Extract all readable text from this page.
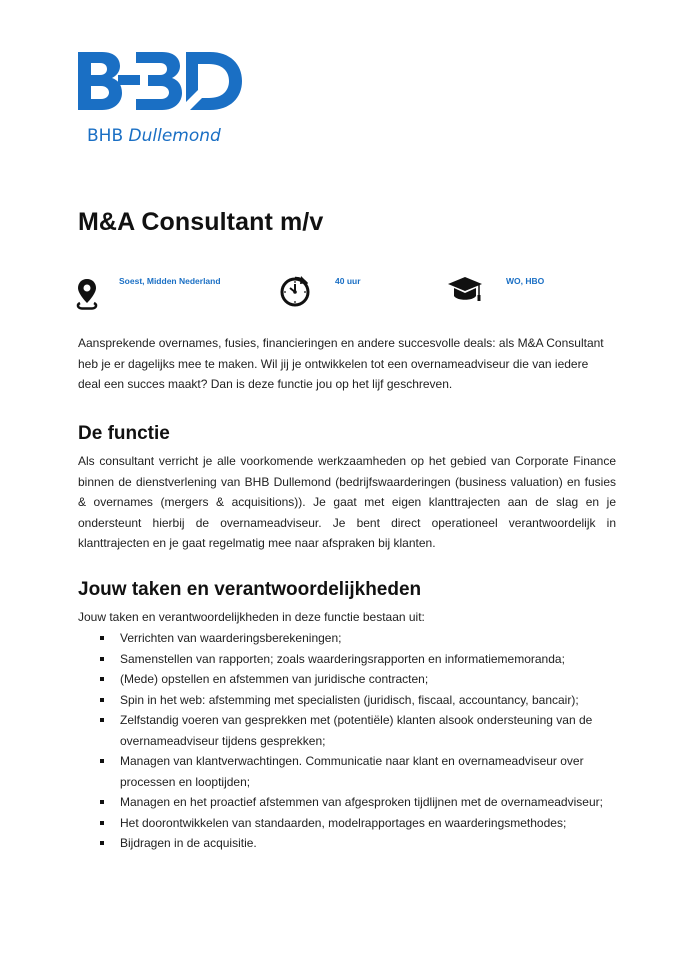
BHB Dullemond
M&A Consultant m/v
Soest, Midden Nederland	40 uur	WO, HBO

Aansprekende overnames, fusies, financieringen en andere succesvolle deals: als M&A Consultant heb je er dagelijks mee te maken. Wil jij je ontwikkelen tot een overnameadviseur die van iedere deal een succes maakt? Dan is deze functie jou op het lijf geschreven.

De functie

Als consultant verricht je alle voorkomende werkzaamheden op het gebied van Corporate Finance binnen de dienstverlening van BHB Dullemond (bedrijfswaarderingen (business valuation) en fusies & overnames (mergers & acquisitions)). Je gaat met eigen klanttrajecten aan de slag en je ondersteunt hierbij de overnameadviseur. Je bent direct operationeel verantwoordelijk in klanttrajecten en je gaat regelmatig mee naar afspraken bij klanten.

Jouw taken en verantwoordelijkheden

Jouw taken en verantwoordelijkheden in deze functie bestaan uit:

Verrichten van waarderingsberekeningen;
Samenstellen van rapporten; zoals waarderingsrapporten en informatiememoranda;
(Mede) opstellen en afstemmen van juridische contracten;
Spin in het web: afstemming met specialisten (juridisch, fiscaal, accountancy, bancair);
Zelfstandig voeren van gesprekken met (potentiële) klanten alsook ondersteuning van de overnameadviseur tijdens gesprekken;
Managen van klantverwachtingen. Communicatie naar klant en overnameadviseur over processen en looptijden;
Managen en het proactief afstemmen van afgesproken tijdlijnen met de overnameadviseur;
Het doorontwikkelen van standaarden, modelrapportages en waarderingsmethodes;
Bijdragen in de acquisitie.
